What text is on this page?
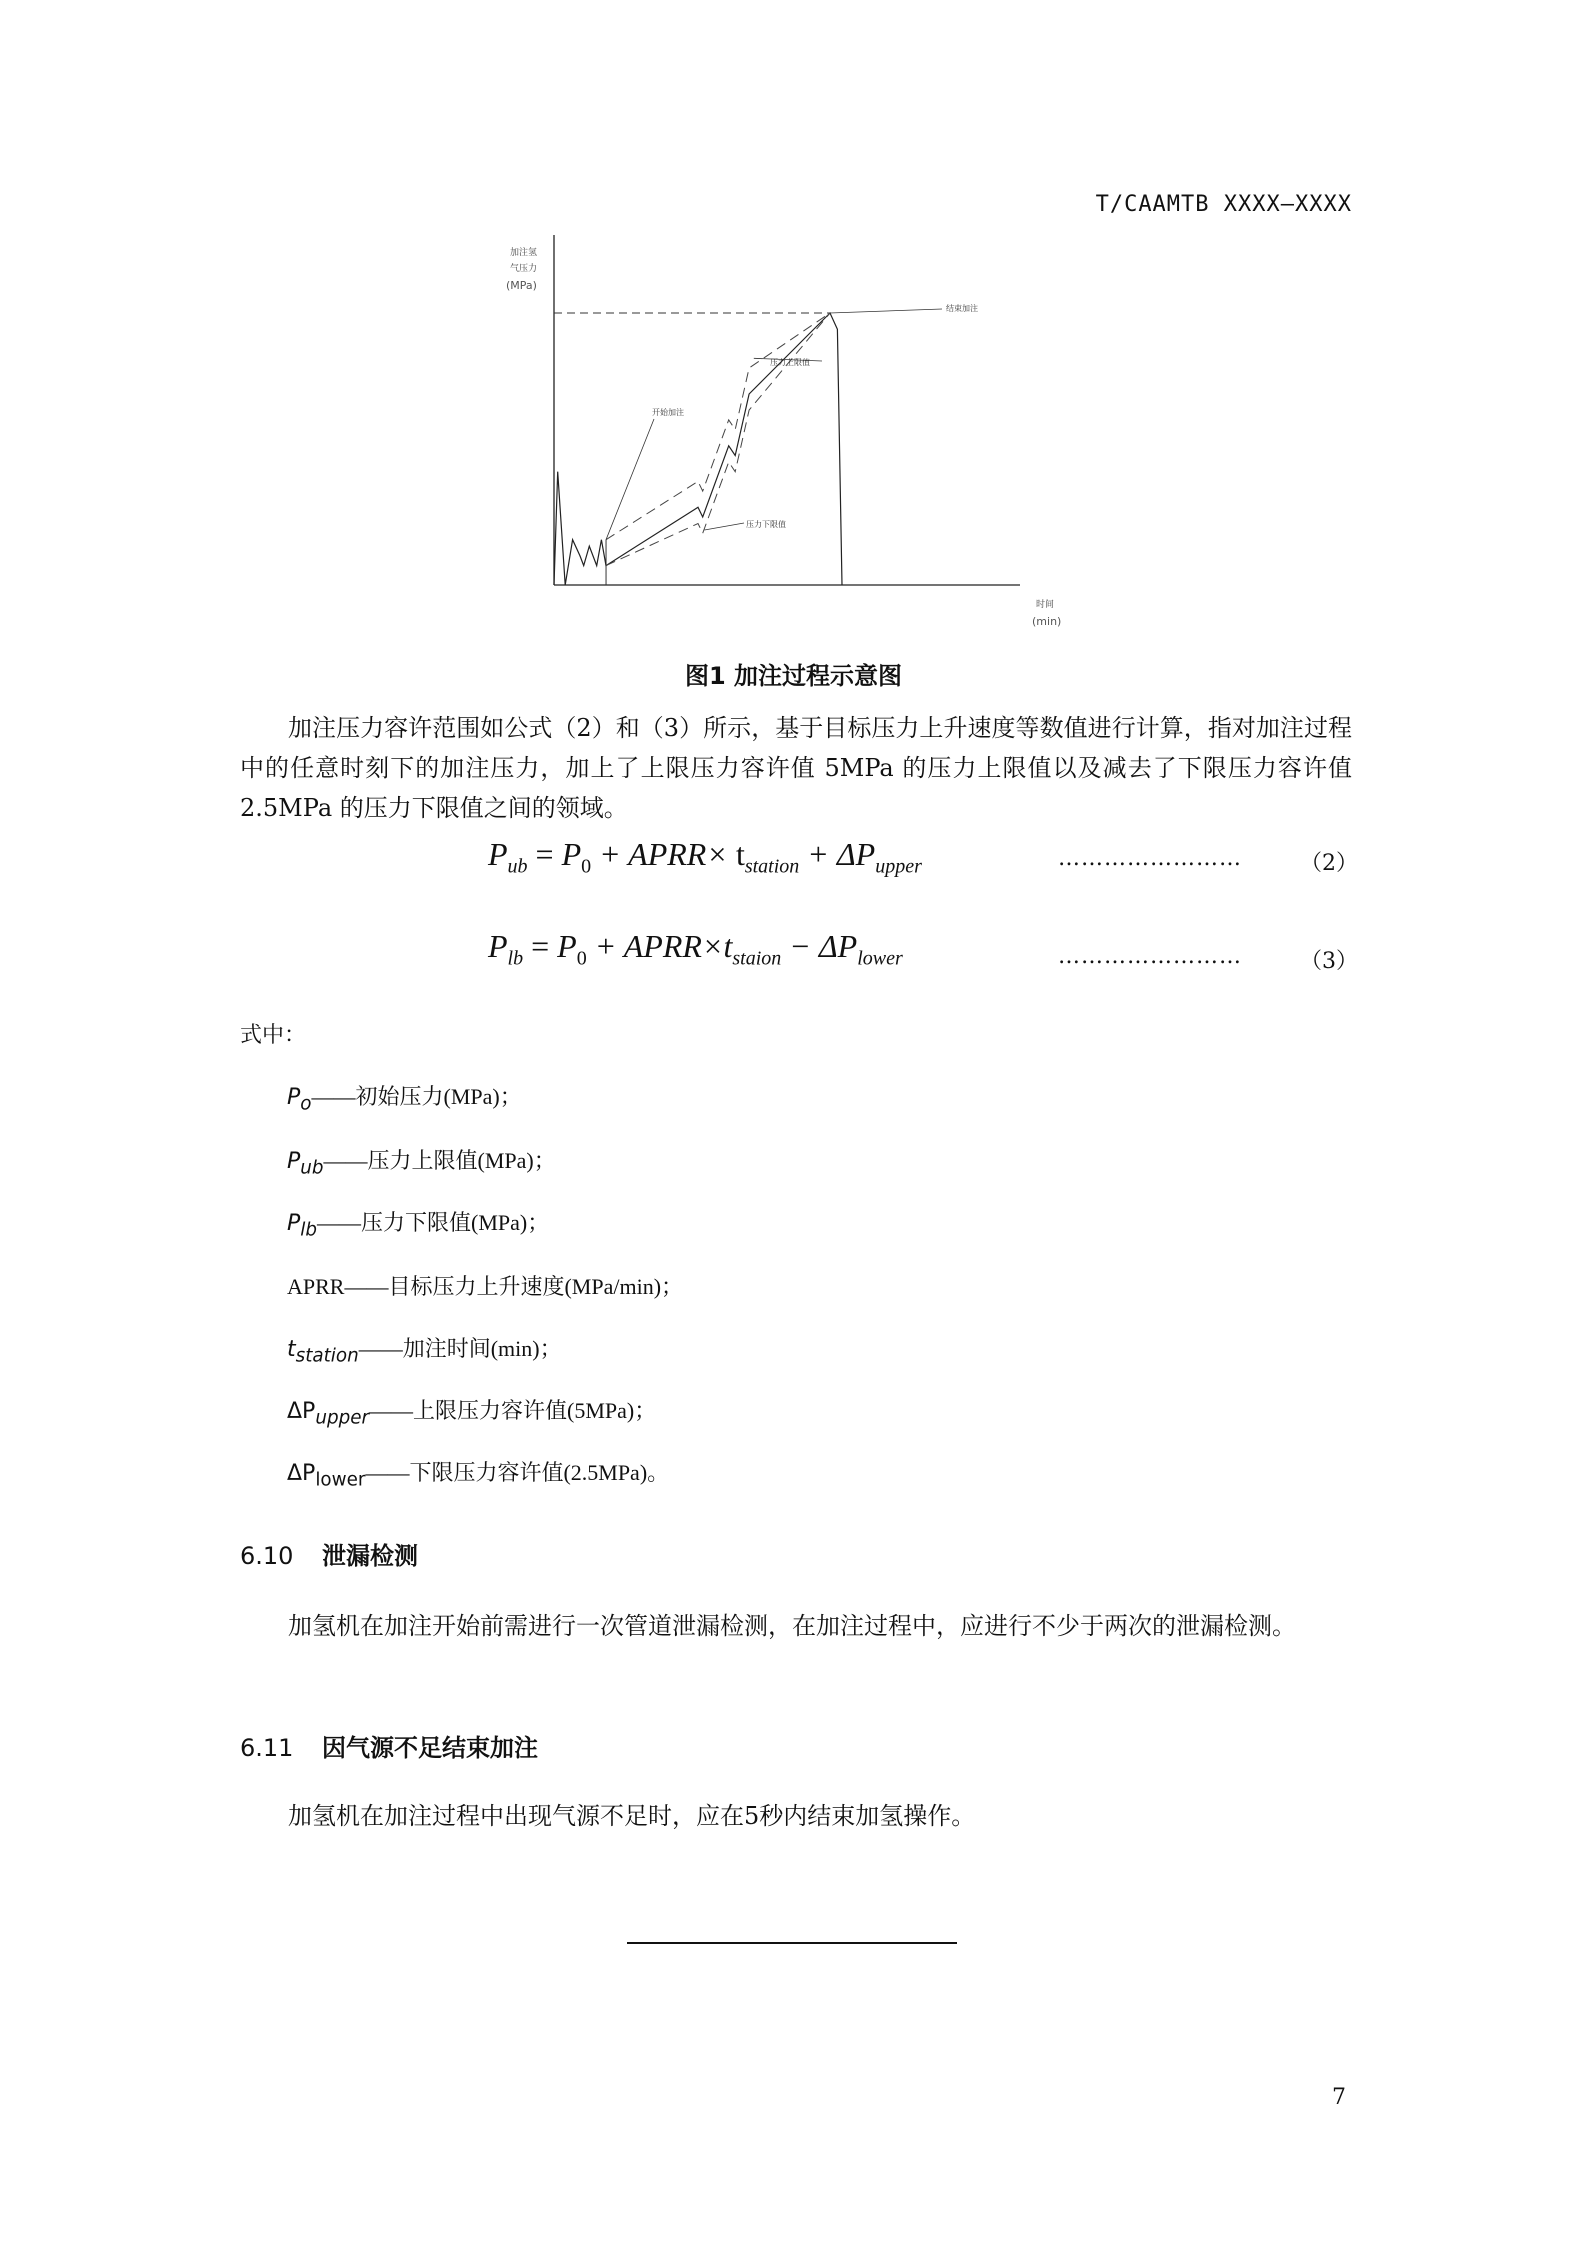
T/CAAMTB XXXX—XXXX
加注氢
气压力
(MPa)
时间
(min)
结束加注
开始加注
压力上限值
压力下限值
图1 加注过程示意图

加注压力容许范围如公式（2）和（3）所示，基于目标压力上升速度等数值进行计算，指对加注过程中的任意时刻下的加注压力，加上了上限压力容许值 5MPa 的压力上限值以及减去了下限压力容许值 2.5MPa 的压力下限值之间的领域。

$P_{ub} = P_0$ + APRR× $t_{station} + \Delta P_{upper}$	……………………	（2）
$P_{lb} = P_0$ + $APRR\times t_{staion} - \Delta P_{lower}$	……………………	（3）
式中：
$P_o——$初始压力(MPa)；
$P_{ub}——$压力上限值(MPa)；
$P_{lb}——$压力下限值(MPa)；
APRR——目标压力上升速度(MPa/min)；
$t_{station}——$加注时间(min)；
$\Delta P_{upper}——$上限压力容许值(5MPa)；
$\Delta P_{lower}——$下限压力容许值(2.5MPa)。
6.10 泄漏检测

加氢机在加注开始前需进行一次管道泄漏检测，在加注过程中，应进行不少于两次的泄漏检测。

6.11 因气源不足结束加注

加氢机在加注过程中出现气源不足时，应在5秒内结束加氢操作。

7
